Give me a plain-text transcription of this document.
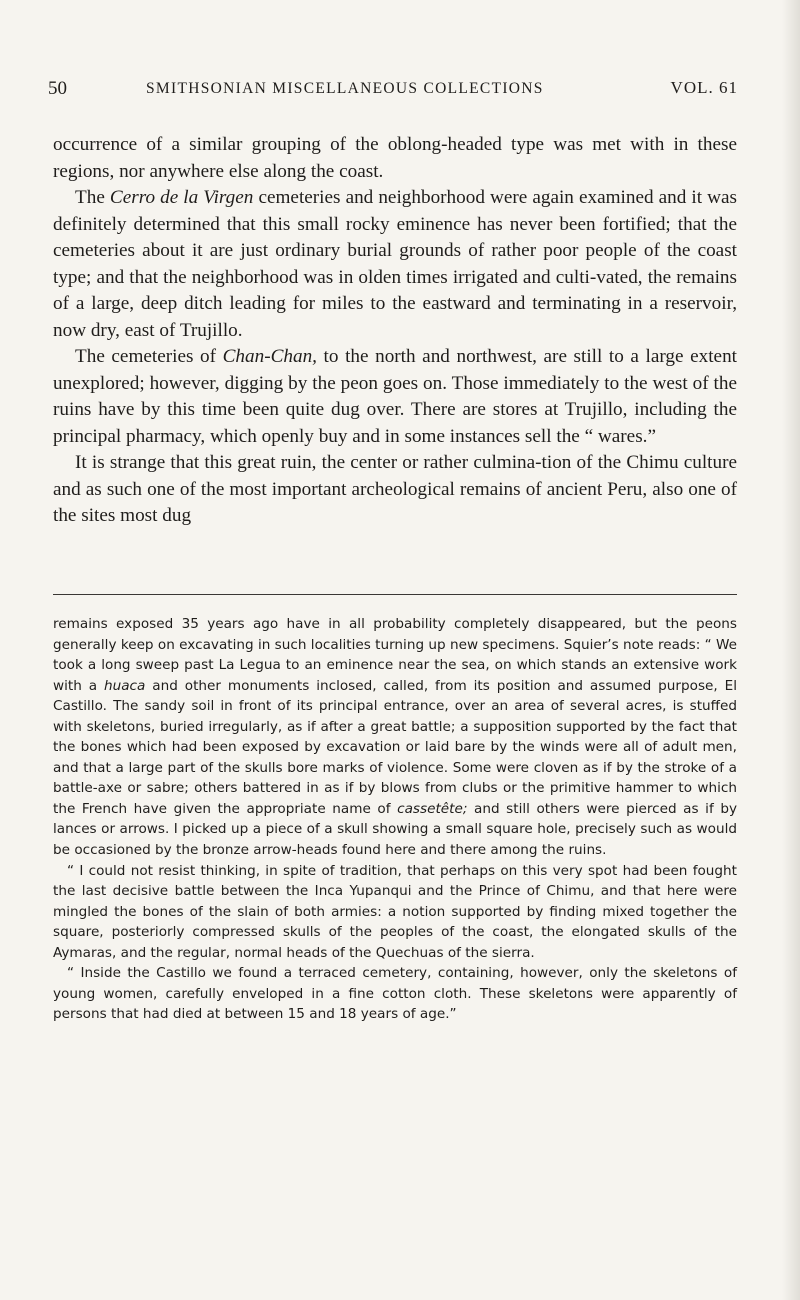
50	SMITHSONIAN MISCELLANEOUS COLLECTIONS	VOL. 61

occurrence of a similar grouping of the oblong-headed type was met with in these regions, nor anywhere else along the coast.

The Cerro de la Virgen cemeteries and neighborhood were again examined and it was definitely determined that this small rocky eminence has never been fortified; that the cemeteries about it are just ordinary burial grounds of rather poor people of the coast type; and that the neighborhood was in olden times irrigated and culti-vated, the remains of a large, deep ditch leading for miles to the eastward and terminating in a reservoir, now dry, east of Trujillo.

The cemeteries of Chan-Chan, to the north and northwest, are still to a large extent unexplored; however, digging by the peon goes on. Those immediately to the west of the ruins have by this time been quite dug over. There are stores at Trujillo, including the principal pharmacy, which openly buy and in some instances sell the “ wares.”

It is strange that this great ruin, the center or rather culmina-tion of the Chimu culture and as such one of the most important archeological remains of ancient Peru, also one of the sites most dug

remains exposed 35 years ago have in all probability completely disappeared, but the peons generally keep on excavating in such localities turning up new specimens. Squier’s note reads: “ We took a long sweep past La Legua to an eminence near the sea, on which stands an extensive work with a huaca and other monuments inclosed, called, from its position and assumed purpose, El Castillo. The sandy soil in front of its principal entrance, over an area of several acres, is stuffed with skeletons, buried irregularly, as if after a great battle; a supposition supported by the fact that the bones which had been exposed by excavation or laid bare by the winds were all of adult men, and that a large part of the skulls bore marks of violence. Some were cloven as if by the stroke of a battle-axe or sabre; others battered in as if by blows from clubs or the primitive hammer to which the French have given the appropriate name of cassetête; and still others were pierced as if by lances or arrows. I picked up a piece of a skull showing a small square hole, precisely such as would be occasioned by the bronze arrow-heads found here and there among the ruins.

“ I could not resist thinking, in spite of tradition, that perhaps on this very spot had been fought the last decisive battle between the Inca Yupanqui and the Prince of Chimu, and that here were mingled the bones of the slain of both armies: a notion supported by finding mixed together the square, posteriorly compressed skulls of the peoples of the coast, the elongated skulls of the Aymaras, and the regular, normal heads of the Quechuas of the sierra.

“ Inside the Castillo we found a terraced cemetery, containing, however, only the skeletons of young women, carefully enveloped in a fine cotton cloth. These skeletons were apparently of persons that had died at between 15 and 18 years of age.”
